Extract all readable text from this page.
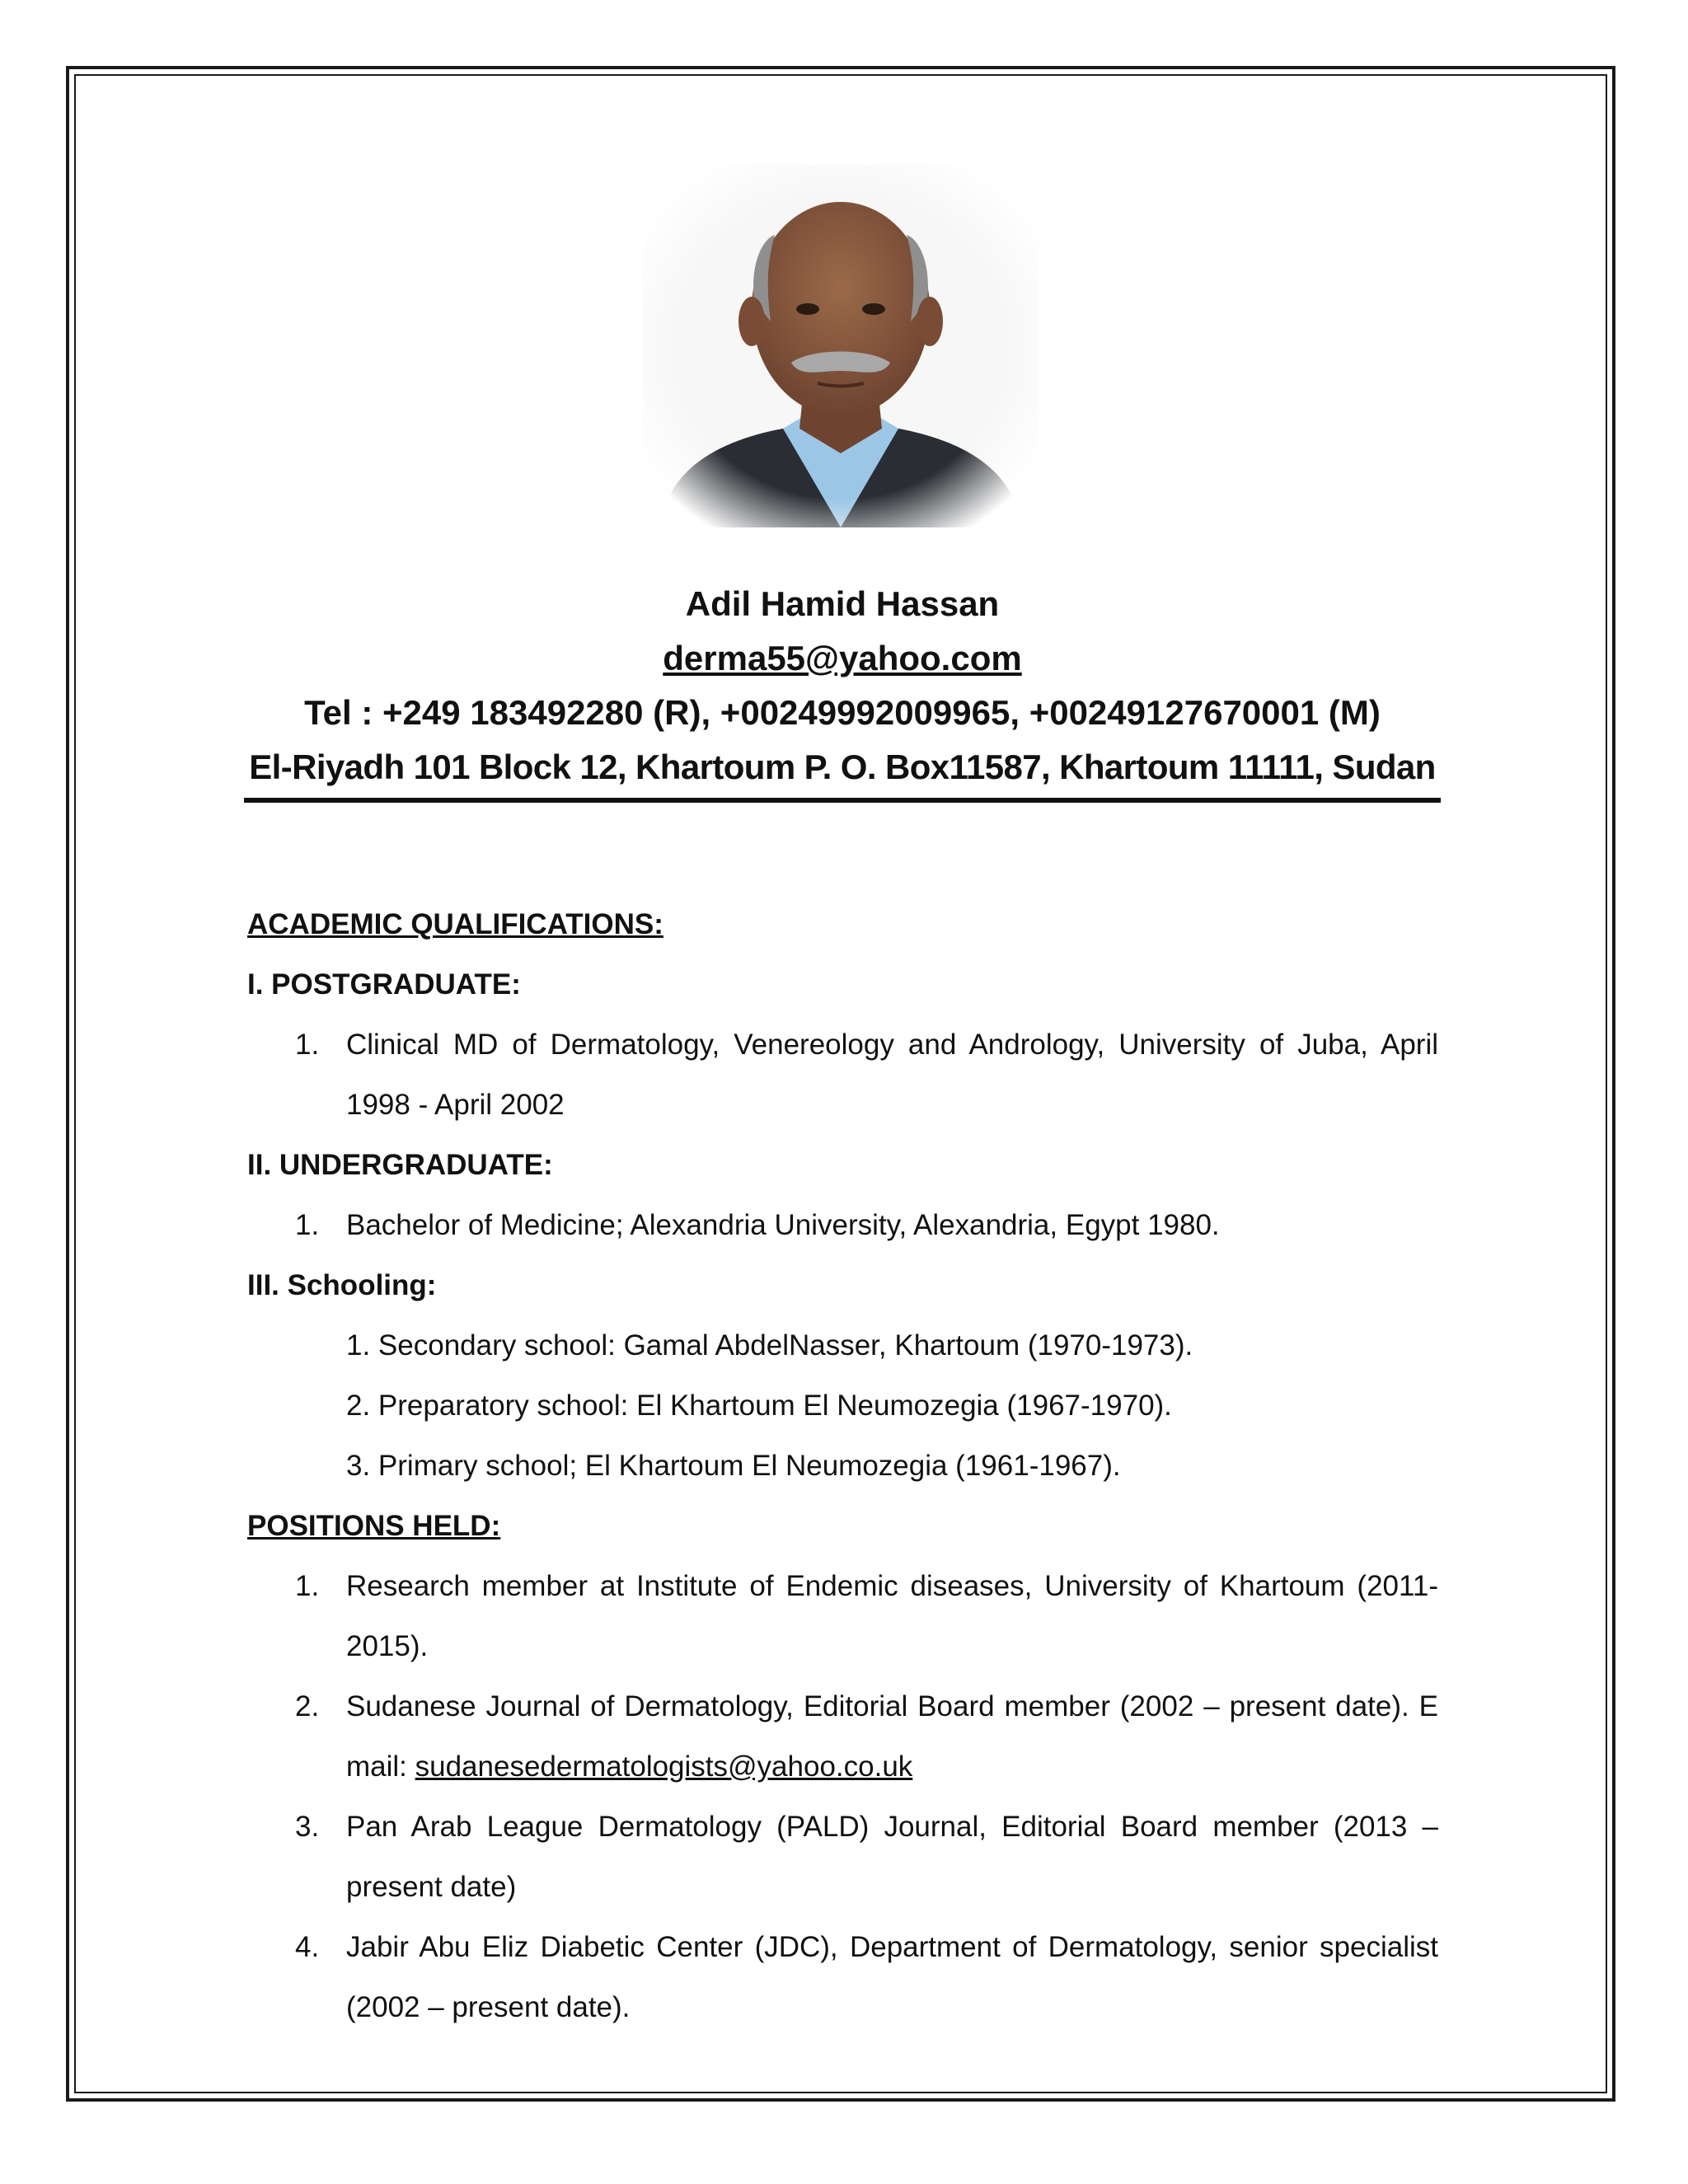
Adil Hamid Hassan
derma55@yahoo.com
Tel : +249 183492280 (R), +00249992009965, +00249127670001 (M)
El-Riyadh 101 Block 12, Khartoum P. O. Box11587, Khartoum 11111, Sudan
ACADEMIC QUALIFICATIONS:
I. POSTGRADUATE:
1. Clinical MD of Dermatology, Venereology and Andrology, University of Juba, April 1998 - April 2002
II. UNDERGRADUATE:
1. Bachelor of Medicine; Alexandria University, Alexandria, Egypt 1980.
III. Schooling:
1. Secondary school: Gamal AbdelNasser, Khartoum (1970-1973).
2. Preparatory school: El Khartoum El Neumozegia (1967-1970).
3. Primary school; El Khartoum El Neumozegia (1961-1967).
POSITIONS HELD:
1. Research member at Institute of Endemic diseases, University of Khartoum (2011-2015).
2. Sudanese Journal of Dermatology, Editorial Board member (2002 – present date). E mail: sudanesedermatologists@yahoo.co.uk
3. Pan Arab League Dermatology (PALD) Journal, Editorial Board member (2013 – present date)
4. Jabir Abu Eliz Diabetic Center (JDC), Department of Dermatology, senior specialist (2002 – present date).
